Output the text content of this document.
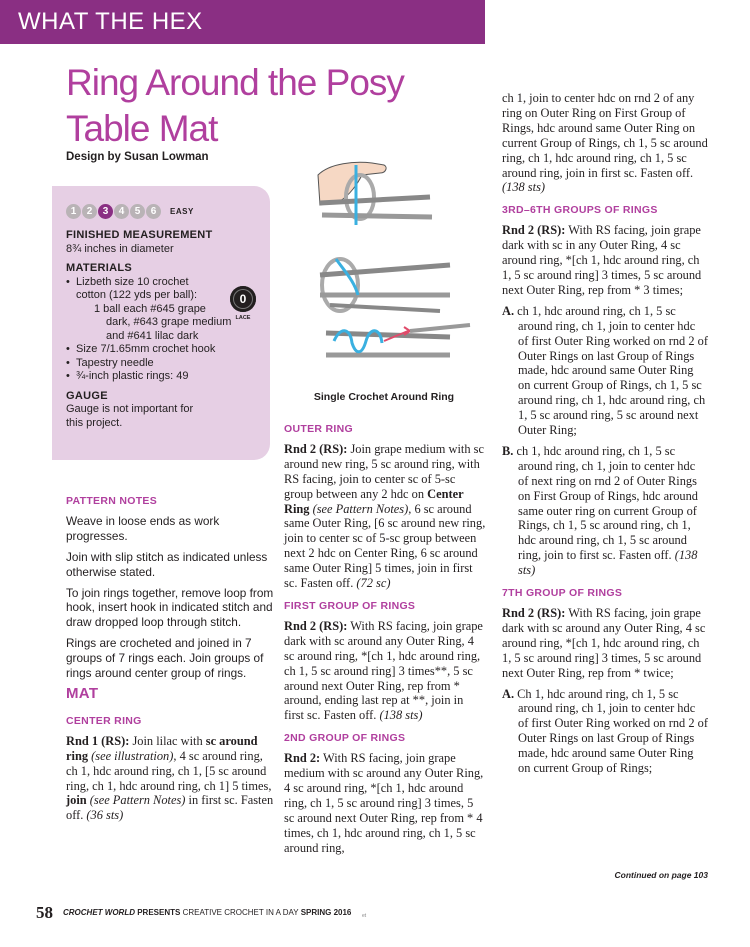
WHAT THE HEX
Ring Around the Posy
Table Mat
Design by Susan Lowman
1	2	3	4	5	6	EASY
FINISHED MEASUREMENT
8¾ inches in diameter
MATERIALS
• Lizbeth size 10 crochet
cotton (122 yds per ball):
1 ball each #645 grape
dark, #643 grape medium
and #641 lilac dark
• Size 7/1.65mm crochet hook
• Tapestry needle
• ¾-inch plastic rings: 49
GAUGE
Gauge is not important for
this project.
0
LACE
Single Crochet Around Ring
PATTERN NOTES

Weave in loose ends as work progresses.

Join with slip stitch as indicated unless otherwise stated.

To join rings together, remove loop from hook, insert hook in indicated stitch and draw dropped loop through stitch.

Rings are crocheted and joined in 7 groups of 7 rings each. Join groups of rings around center group of rings.

MAT
CENTER RING

Rnd 1 (RS): Join lilac with sc around ring (see illustration), 4 sc around ring, ch 1, hdc around ring, ch 1, [5 sc around ring, ch 1, hdc around ring, ch 1] 5 times, join (see Pattern Notes) in first sc. Fasten off. (36 sts)

OUTER RING

Rnd 2 (RS): Join grape medium with sc around new ring, 5 sc around ring, with RS facing, join to center sc of 5-sc group between any 2 hdc on Center Ring (see Pattern Notes), 6 sc around same Outer Ring, [6 sc around new ring, join to center sc of 5-sc group between next 2 hdc on Center Ring, 6 sc around same Outer Ring] 5 times, join in first sc. Fasten off. (72 sc)

FIRST GROUP OF RINGS

Rnd 2 (RS): With RS facing, join grape dark with sc around any Outer Ring, 4 sc around ring, *[ch 1, hdc around ring, ch 1, 5 sc around ring] 3 times**, 5 sc around next Outer Ring, rep from * around, ending last rep at **, join in first sc. Fasten off. (138 sts)

2ND GROUP OF RINGS

Rnd 2: With RS facing, join grape medium with sc around any Outer Ring, 4 sc around ring, *[ch 1, hdc around ring, ch 1, 5 sc around ring] 3 times, 5 sc around next Outer Ring, rep from * 4 times, ch 1, hdc around ring, ch 1, 5 sc around ring,

ch 1, join to center hdc on rnd 2 of any ring on Outer Ring on First Group of Rings, hdc around same Outer Ring on current Group of Rings, ch 1, 5 sc around ring, ch 1, hdc around ring, ch 1, 5 sc around ring, join in first sc. Fasten off. (138 sts)

3RD–6TH GROUPS OF RINGS

Rnd 2 (RS): With RS facing, join grape dark with sc in any Outer Ring, 4 sc around ring, *[ch 1, hdc around ring, ch 1, 5 sc around ring] 3 times, 5 sc around next Outer Ring, rep from * 3 times;

A. ch 1, hdc around ring, ch 1, 5 sc around ring, ch 1, join to center hdc of first Outer Ring worked on rnd 2 of Outer Rings on last Group of Rings made, hdc around same Outer Ring on current Group of Rings, ch 1, 5 sc around ring, ch 1, hdc around ring, ch 1, 5 sc around ring, 5 sc around next Outer Ring;

B. ch 1, hdc around ring, ch 1, 5 sc around ring, ch 1, join to center hdc of next ring on rnd 2 of Outer Rings on First Group of Rings, hdc around same outer ring on current Group of Rings, ch 1, 5 sc around ring, ch 1, hdc around ring, ch 1, 5 sc around ring, join to first sc. Fasten off. (138 sts)

7TH GROUP OF RINGS

Rnd 2 (RS): With RS facing, join grape dark with sc around any Outer Ring, 4 sc around ring, *[ch 1, hdc around ring, ch 1, 5 sc around ring] 3 times, 5 sc around next Outer Ring, rep from * twice;

A. Ch 1, hdc around ring, ch 1, 5 sc around ring, ch 1, join to center hdc of first Outer Ring worked on rnd 2 of Outer Rings on last Group of Rings made, hdc around same Outer Ring on current Group of Rings;

Continued on page 103
58 CROCHET WORLD PRESENTS CREATIVE CROCHET IN A DAY SPRING 2016 et
